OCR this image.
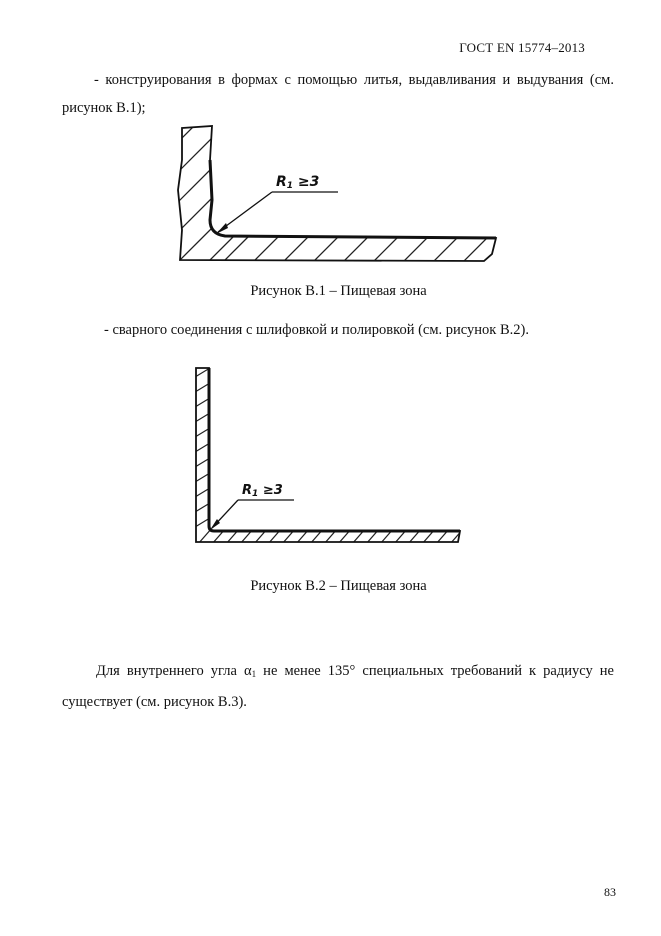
ГОСТ EN 15774–2013
- конструирования в формах с помощью литья, выдавливания и выдувания (см. рисунок В.1);
$R_1 \ge 3$
Рисунок В.1 – Пищевая зона
- сварного соединения с шлифовкой и полировкой (см. рисунок В.2).
$R_1 \ge 3$
Рисунок В.2 – Пищевая зона
Для внутреннего угла $\alpha_1$ не менее 135° специальных требований к радиусу не существует (см. рисунок В.3).
83
